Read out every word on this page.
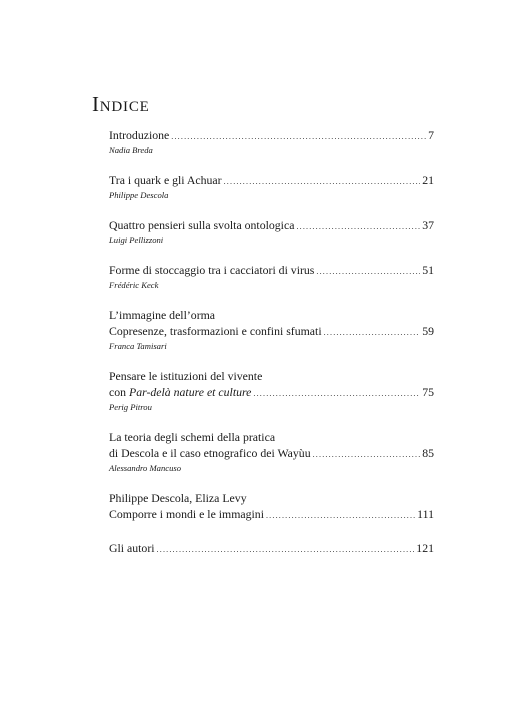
Indice
Introduzione .....	7
Nadia Breda
Tra i quark e gli Achuar .....	21
Philippe Descola
Quattro pensieri sulla svolta ontologica .....	37
Luigi Pellizzoni
Forme di stoccaggio tra i cacciatori di virus .....	51
Frédéric Keck
L’immagine dell’orma
Copresenze, trasformazioni e confini sfumati .....	59
Franca Tamisari
Pensare le istituzioni del vivente
con Par-delà nature et culture .....	75
Perig Pitrou
La teoria degli schemi della pratica
di Descola e il caso etnografico dei Wayùu .....	85
Alessandro Mancuso
Philippe Descola, Eliza Levy
Comporre i mondi e le immagini .....	111
Gli autori .....	121
